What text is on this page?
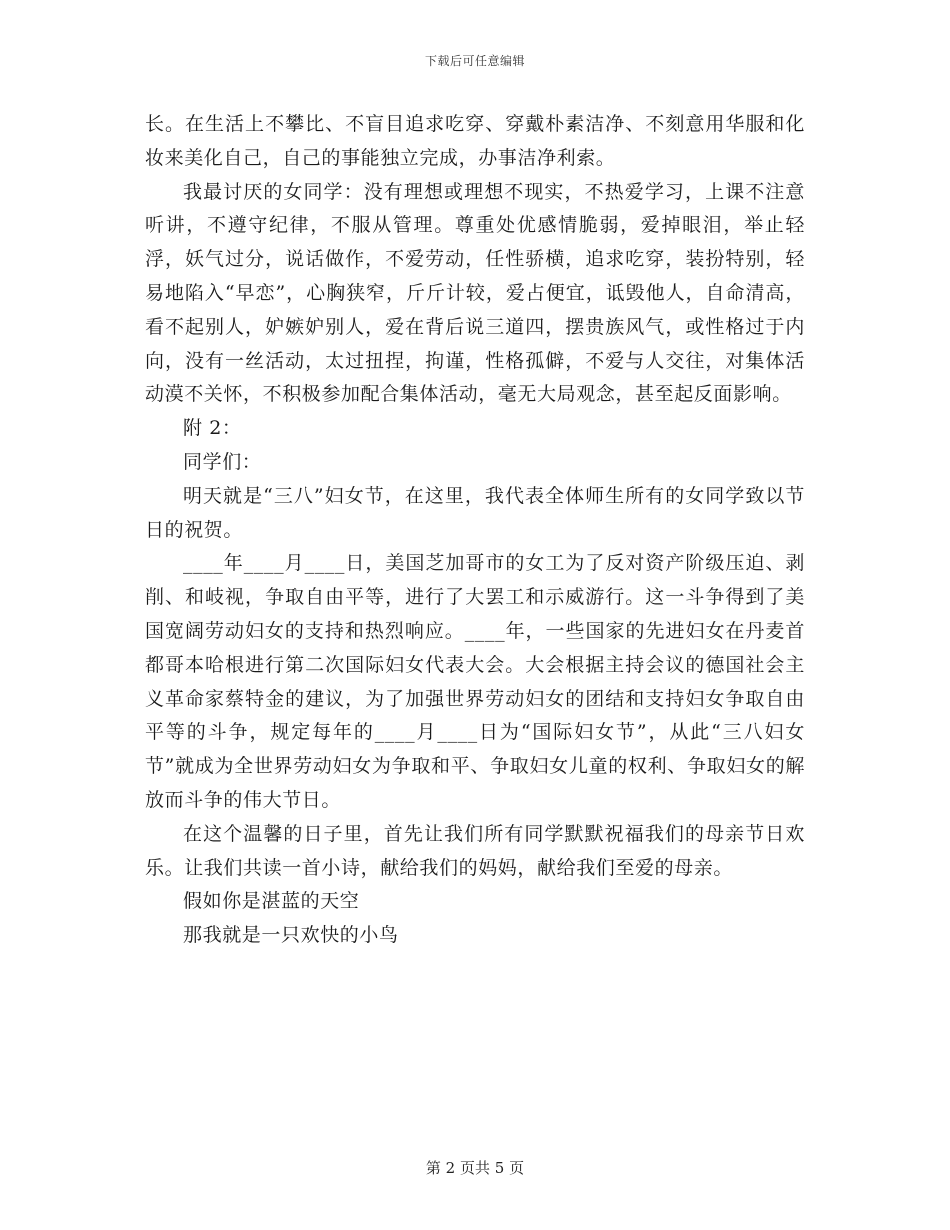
下载后可任意编辑

长。在生活上不攀比、不盲目追求吃穿、穿戴朴素洁净、不刻意用华服和化妆来美化自己，自己的事能独立完成，办事洁净利索。

我最讨厌的女同学：没有理想或理想不现实，不热爱学习，上课不注意听讲，不遵守纪律，不服从管理。尊重处优感情脆弱，爱掉眼泪，举止轻浮，妖气过分，说话做作，不爱劳动，任性骄横，追求吃穿，装扮特别，轻易地陷入“早恋”，心胸狭窄，斤斤计较，爱占便宜，诋毁他人，自命清高，看不起别人，妒嫉妒别人，爱在背后说三道四，摆贵族风气，或性格过于内向，没有一丝活动，太过扭捏，拘谨，性格孤僻，不爱与人交往，对集体活动漠不关怀，不积极参加配合集体活动，毫无大局观念，甚至起反面影响。

附 2：

同学们：

明天就是“三八”妇女节，在这里，我代表全体师生所有的女同学致以节日的祝贺。

____年____月____日，美国芝加哥市的女工为了反对资产阶级压迫、剥削、和岐视，争取自由平等，进行了大罢工和示威游行。这一斗争得到了美国宽阔劳动妇女的支持和热烈响应。____年，一些国家的先进妇女在丹麦首都哥本哈根进行第二次国际妇女代表大会。大会根据主持会议的德国社会主义革命家蔡特金的建议，为了加强世界劳动妇女的团结和支持妇女争取自由平等的斗争，规定每年的____月____日为“国际妇女节”，从此“三八妇女节”就成为全世界劳动妇女为争取和平、争取妇女儿童的权利、争取妇女的解放而斗争的伟大节日。

在这个温馨的日子里，首先让我们所有同学默默祝福我们的母亲节日欢乐。让我们共读一首小诗，献给我们的妈妈，献给我们至爱的母亲。

假如你是湛蓝的天空

那我就是一只欢快的小鸟

第 2 页共 5 页
